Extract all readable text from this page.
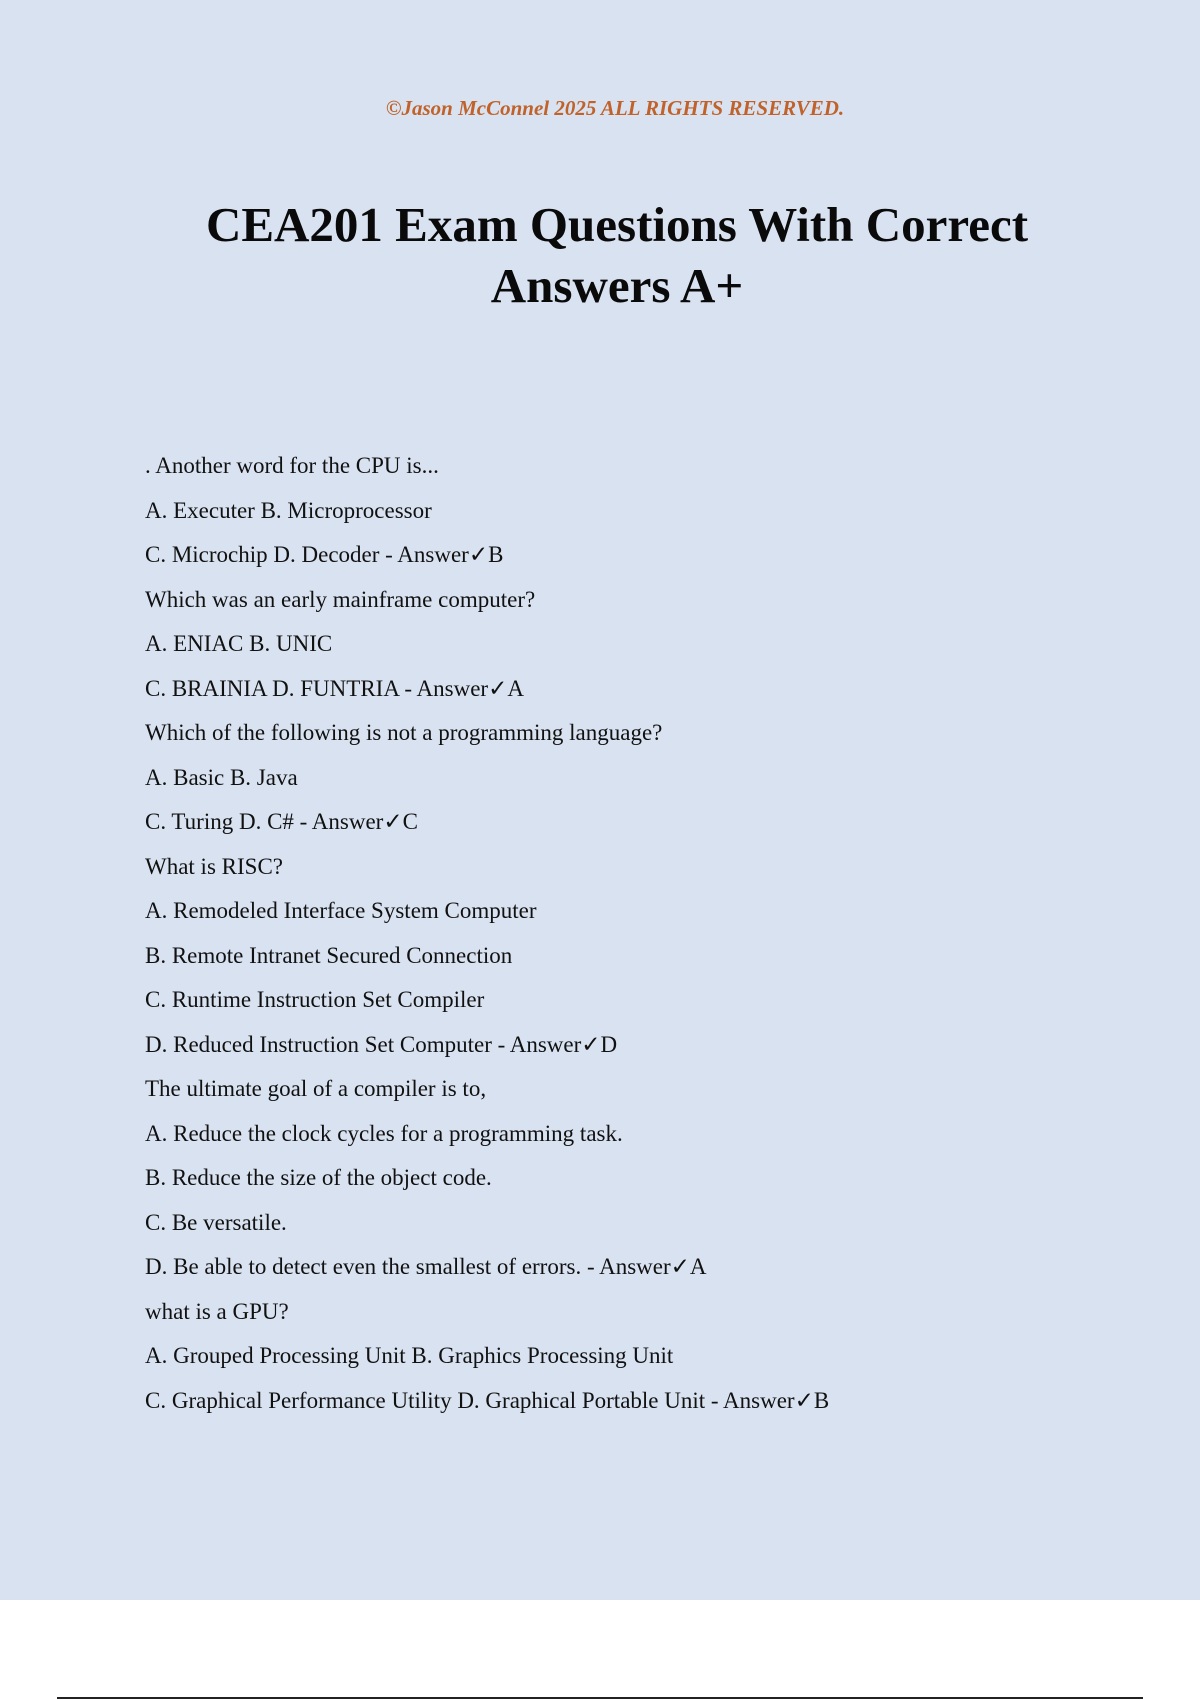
©Jason McConnel 2025 ALL RIGHTS RESERVED.
CEA201 Exam Questions With Correct
Answers A+
. Another word for the CPU is...
A. Executer B. Microprocessor
C. Microchip D. Decoder - Answer✓B
Which was an early mainframe computer?
A. ENIAC B. UNIC
C. BRAINIA D. FUNTRIA - Answer✓A
Which of the following is not a programming language?
A. Basic B. Java
C. Turing D. C# - Answer✓C
What is RISC?
A. Remodeled Interface System Computer
B. Remote Intranet Secured Connection
C. Runtime Instruction Set Compiler
D. Reduced Instruction Set Computer - Answer✓D
The ultimate goal of a compiler is to,
A. Reduce the clock cycles for a programming task.
B. Reduce the size of the object code.
C. Be versatile.
D. Be able to detect even the smallest of errors. - Answer✓A
what is a GPU?
A. Grouped Processing Unit B. Graphics Processing Unit
C. Graphical Performance Utility D. Graphical Portable Unit - Answer✓B
